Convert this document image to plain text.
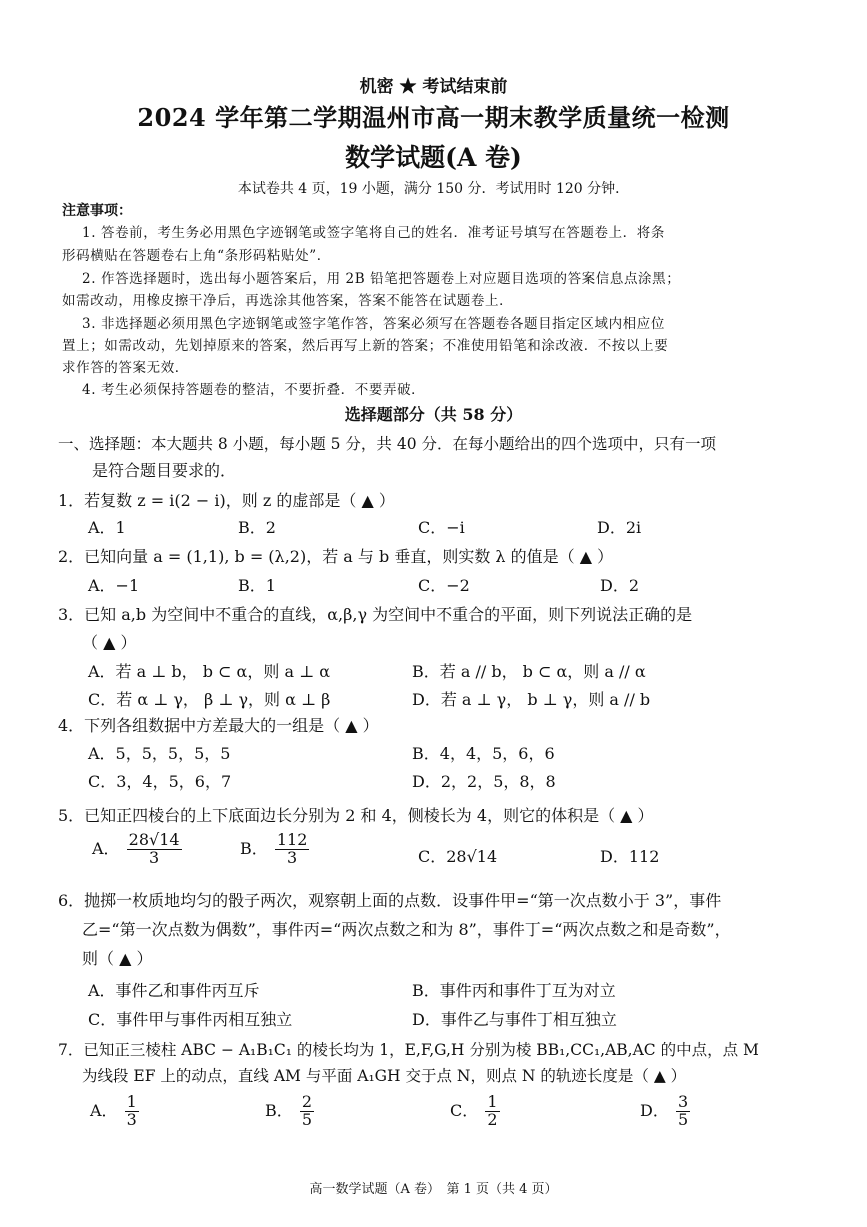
机密 ★ 考试结束前
2024 学年第二学期温州市高一期末教学质量统一检测
数学试题(A 卷)
本试卷共 4 页，19 小题，满分 150 分．考试用时 120 分钟．
注意事项：
1. 答卷前，考生务必用黑色字迹钢笔或签字笔将自己的姓名．准考证号填写在答题卷上．将条
形码横贴在答题卷右上角“条形码粘贴处”．
2. 作答选择题时，选出每小题答案后，用 2B 铅笔把答题卷上对应题目选项的答案信息点涂黑；
如需改动，用橡皮擦干净后，再选涂其他答案，答案不能答在试题卷上．
3. 非选择题必须用黑色字迹钢笔或签字笔作答，答案必须写在答题卷各题目指定区域内相应位
置上；如需改动，先划掉原来的答案，然后再写上新的答案；不准使用铅笔和涂改液．不按以上要
求作答的答案无效．
4. 考生必须保持答题卷的整洁，不要折叠．不要弄破．
选择题部分（共 58 分）
一、选择题：本大题共 8 小题，每小题 5 分，共 40 分．在每小题给出的四个选项中，只有一项
是符合题目要求的．
1．若复数 z = i(2 − i)，则 z 的虚部是（ ▲ ）
A．1	B．2	C．−i	D．2i
2．已知向量 a = (1,1), b = (λ,2)，若 a 与 b 垂直，则实数 λ 的值是（ ▲ ）
A．−1	B．1	C．−2	D．2
3．已知 a,b 为空间中不重合的直线，α,β,γ 为空间中不重合的平面，则下列说法正确的是
（ ▲ ）
A．若 a ⊥ b， b ⊂ α，则 a ⊥ α	B．若 a // b， b ⊂ α，则 a // α
C．若 α ⊥ γ， β ⊥ γ，则 α ⊥ β	D．若 a ⊥ γ， b ⊥ γ，则 a // b
4．下列各组数据中方差最大的一组是（ ▲ ）
A．5，5，5，5，5	B．4，4，5，6，6
C．3，4，5，6，7	D．2，2，5，8，8
5．已知正四棱台的上下底面边长分别为 2 和 4，侧棱长为 4，则它的体积是（ ▲ ）
A． $\frac{28√14}{3}$	B． $\frac{112}{3}$	C．28√14	D．112
6．抛掷一枚质地均匀的骰子两次，观察朝上面的点数．设事件甲=“第一次点数小于 3”，事件
乙=“第一次点数为偶数”，事件丙=“两次点数之和为 8”，事件丁=“两次点数之和是奇数”，
则（ ▲ ）
A．事件乙和事件丙互斥	B．事件丙和事件丁互为对立
C．事件甲与事件丙相互独立	D．事件乙与事件丁相互独立
7．已知正三棱柱 ABC − A₁B₁C₁ 的棱长均为 1，E,F,G,H 分别为棱 BB₁,CC₁,AB,AC 的中点，点 M
为线段 EF 上的动点，直线 AM 与平面 A₁GH 交于点 N，则点 N 的轨迹长度是（ ▲ ）
A． $\frac{1}{3}$	B． $\frac{2}{5}$	C． $\frac{1}{2}$	D． $\frac{3}{5}$
高一数学试题（A 卷）　第 1 页（共 4 页）
